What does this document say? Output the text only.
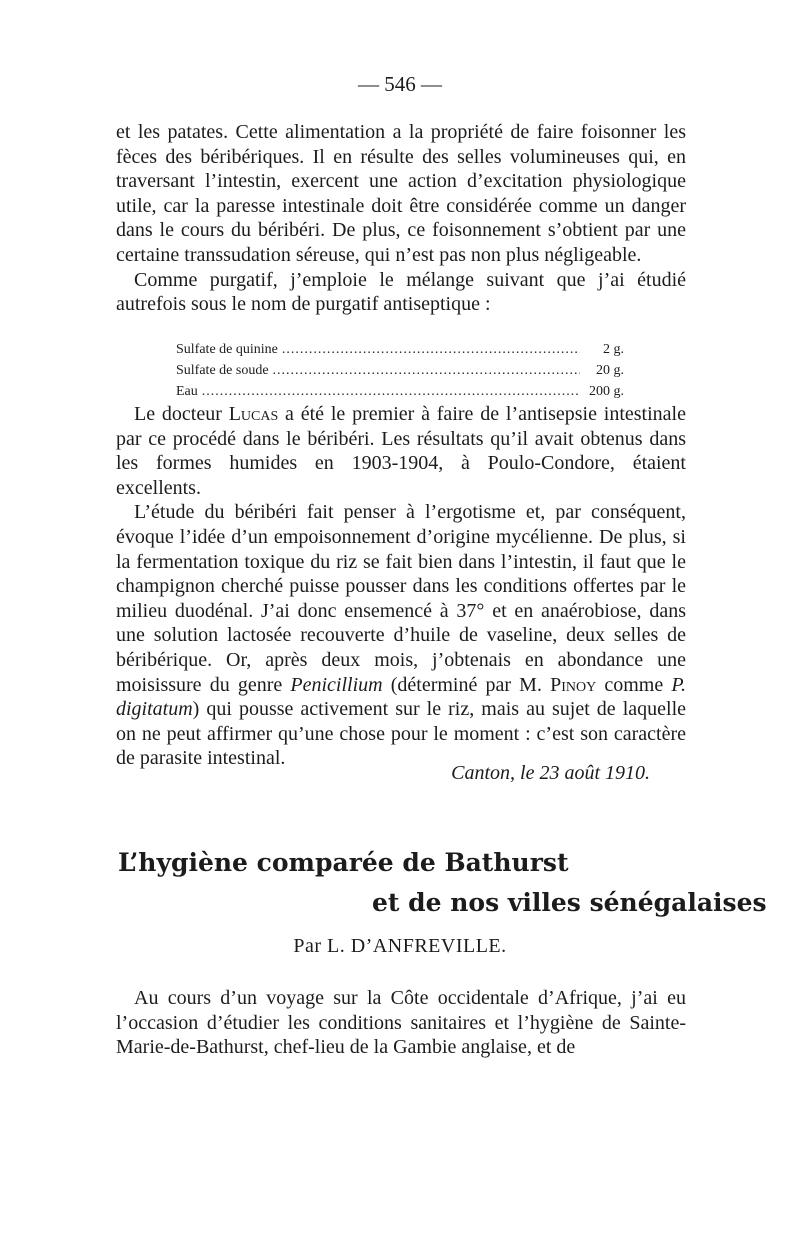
— 546 —

et les patates. Cette alimentation a la propriété de faire foisonner les fèces des béribériques. Il en résulte des selles volumineuses qui, en traversant l’intestin, exercent une action d’excitation physiologique utile, car la paresse intestinale doit être considérée comme un danger dans le cours du béribéri. De plus, ce foisonnement s’obtient par une certaine transsudation séreuse, qui n’est pas non plus négligeable.

Comme purgatif, j’emploie le mélange suivant que j’ai étudié autrefois sous le nom de purgatif antiseptique :

Sulfate de quinine .....	2 g.
Sulfate de soude .....	20 g.
Eau .....	200 g.

Le docteur Lucas a été le premier à faire de l’antisepsie intestinale par ce procédé dans le béribéri. Les résultats qu’il avait obtenus dans les formes humides en 1903-1904, à Poulo-Condore, étaient excellents.

L’étude du béribéri fait penser à l’ergotisme et, par conséquent, évoque l’idée d’un empoisonnement d’origine mycélienne. De plus, si la fermentation toxique du riz se fait bien dans l’intestin, il faut que le champignon cherché puisse pousser dans les conditions offertes par le milieu duodénal. J’ai donc ensemencé à 37° et en anaérobiose, dans une solution lactosée recouverte d’huile de vaseline, deux selles de béribérique. Or, après deux mois, j’obtenais en abondance une moisissure du genre Penicillium (déterminé par M. Pinoy comme P. digitatum) qui pousse activement sur le riz, mais au sujet de laquelle on ne peut affirmer qu’une chose pour le moment : c’est son caractère de parasite intestinal.

Canton, le 23 août 1910.
L’hygiène comparée de Bathurst
et de nos villes sénégalaises
Par L. D’ANFREVILLE.

Au cours d’un voyage sur la Côte occidentale d’Afrique, j’ai eu l’occasion d’étudier les conditions sanitaires et l’hygiène de Sainte-Marie-de-Bathurst, chef-lieu de la Gambie anglaise, et de
